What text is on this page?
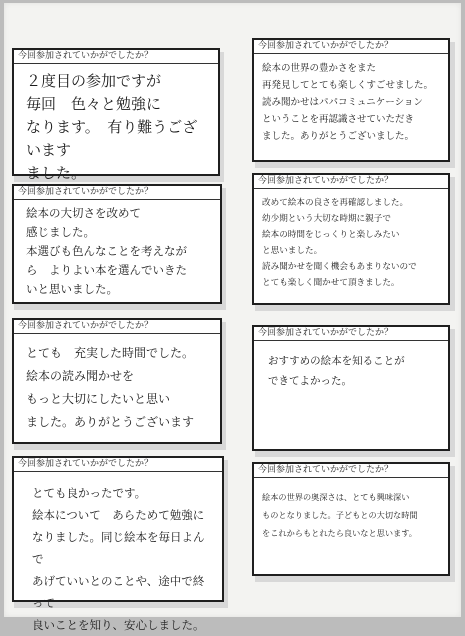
今回参加されていかがでしたか？
２度目の参加ですが
毎回　色々と勉強に
なります。　有り難うございます
ました。
今回参加されていかがでしたか？
絵本の大切さを改めて
感じました。
本選びも色んなことを考えなが
ら　よりよい本を選んでいきた
いと思いました。
今回参加されていかがでしたか？
とても　充実した時間でした。
絵本の読み聞かせを
もっと大切にしたいと思い
ました。ありがとうございます
今回参加されていかがでしたか？
とても良かったです。
絵本について　あらためて勉強に
なりました。同じ絵本を毎日よんで
あげていいとのことや、途中で終って
良いことを知り、安心しました。
今回参加されていかがでしたか？
絵本の世界の豊かさをまた
再発見してとても楽しくすごせました。
読み聞かせはパパコミュニケーション
ということを再認識させていただき
ました。ありがとうございました。
今回参加されていかがでしたか？
改めて絵本の良さを再確認しました。
幼少期という大切な時期に親子で
絵本の時間をじっくりと楽しみたい
と思いました。
読み聞かせを聞く機会もあまりないので
とても楽しく聞かせて頂きました。
今回参加されていかがでしたか？
おすすめの絵本を知ることが
できてよかった。
今回参加されていかがでしたか？
絵本の世界の奥深さは、とても興味深い
ものとなりました。子どもとの大切な時間
をこれからもとれたら良いなと思います。
